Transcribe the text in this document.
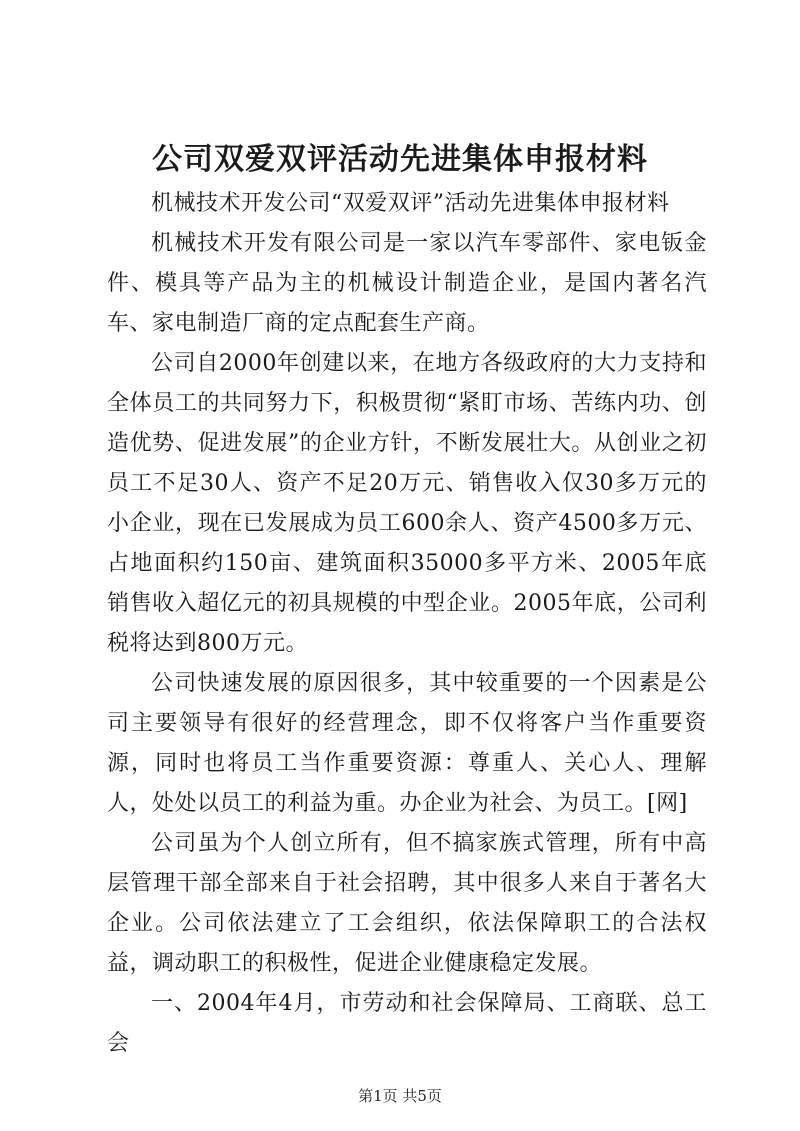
公司双爱双评活动先进集体申报材料

机械技术开发公司“双爱双评”活动先进集体申报材料

机械技术开发有限公司是一家以汽车零部件、家电钣金件、模具等产品为主的机械设计制造企业，是国内著名汽车、家电制造厂商的定点配套生产商。

公司自2000年创建以来，在地方各级政府的大力支持和全体员工的共同努力下，积极贯彻“紧盯市场、苦练内功、创造优势、促进发展”的企业方针，不断发展壮大。从创业之初员工不足30人、资产不足20万元、销售收入仅30多万元的小企业，现在已发展成为员工600余人、资产4500多万元、占地面积约150亩、建筑面积35000多平方米、2005年底销售收入超亿元的初具规模的中型企业。2005年底，公司利税将达到800万元。

公司快速发展的原因很多，其中较重要的一个因素是公司主要领导有很好的经营理念，即不仅将客户当作重要资源，同时也将员工当作重要资源：尊重人、关心人、理解人，处处以员工的利益为重。办企业为社会、为员工。[网]

公司虽为个人创立所有，但不搞家族式管理，所有中高层管理干部全部来自于社会招聘，其中很多人来自于著名大企业。公司依法建立了工会组织，依法保障职工的合法权益，调动职工的积极性，促进企业健康稳定发展。

一、2004年4月，市劳动和社会保障局、工商联、总工会

第1页 共5页
